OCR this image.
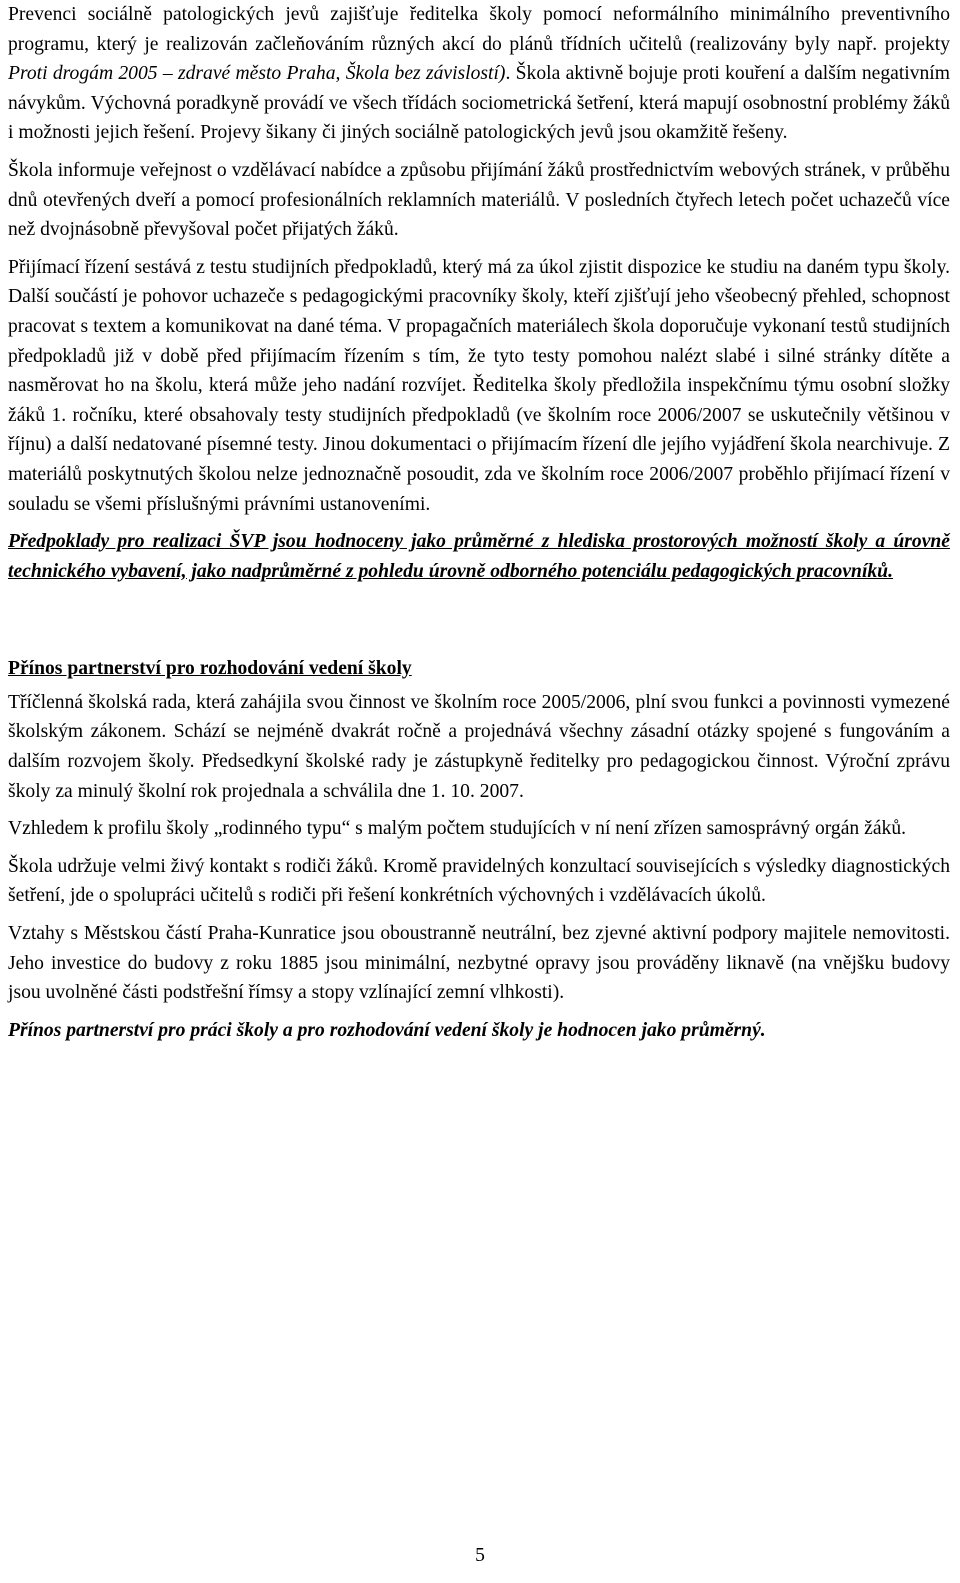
Prevenci sociálně patologických jevů zajišťuje ředitelka školy pomocí neformálního minimálního preventivního programu, který je realizován začleňováním různých akcí do plánů třídních učitelů (realizovány byly např. projekty Proti drogám 2005 – zdravé město Praha, Škola bez závislostí). Škola aktivně bojuje proti kouření a dalším negativním návykům. Výchovná poradkyně provádí ve všech třídách sociometrická šetření, která mapují osobnostní problémy žáků i možnosti jejich řešení. Projevy šikany či jiných sociálně patologických jevů jsou okamžitě řešeny.

Škola informuje veřejnost o vzdělávací nabídce a způsobu přijímání žáků prostřednictvím webových stránek, v průběhu dnů otevřených dveří a pomocí profesionálních reklamních materiálů. V posledních čtyřech letech počet uchazečů více než dvojnásobně převyšoval počet přijatých žáků.

Přijímací řízení sestává z testu studijních předpokladů, který má za úkol zjistit dispozice ke studiu na daném typu školy. Další součástí je pohovor uchazeče s pedagogickými pracovníky školy, kteří zjišťují jeho všeobecný přehled, schopnost pracovat s textem a komunikovat na dané téma. V propagačních materiálech škola doporučuje vykonaní testů studijních předpokladů již v době před přijímacím řízením s tím, že tyto testy pomohou nalézt slabé i silné stránky dítěte a nasměrovat ho na školu, která může jeho nadání rozvíjet. Ředitelka školy předložila inspekčnímu týmu osobní složky žáků 1. ročníku, které obsahovaly testy studijních předpokladů (ve školním roce 2006/2007 se uskutečnily většinou v říjnu) a další nedatované písemné testy. Jinou dokumentaci o přijímacím řízení dle jejího vyjádření škola nearchivuje. Z materiálů poskytnutých školou nelze jednoznačně posoudit, zda ve školním roce 2006/2007 proběhlo přijímací řízení v souladu se všemi příslušnými právními ustanoveními.

Předpoklady pro realizaci ŠVP jsou hodnoceny jako průměrné z hlediska prostorových možností školy a úrovně technického vybavení, jako nadprůměrné z pohledu úrovně odborného potenciálu pedagogických pracovníků.

Přínos partnerství pro rozhodování vedení školy

Tříčlenná školská rada, která zahájila svou činnost ve školním roce 2005/2006, plní svou funkci a povinnosti vymezené školským zákonem. Schází se nejméně dvakrát ročně a projednává všechny zásadní otázky spojené s fungováním a dalším rozvojem školy. Předsedkyní školské rady je zástupkyně ředitelky pro pedagogickou činnost. Výroční zprávu školy za minulý školní rok projednala a schválila dne 1. 10. 2007.

Vzhledem k profilu školy „rodinného typu“ s malým počtem studujících v ní není zřízen samosprávný orgán žáků.

Škola udržuje velmi živý kontakt s rodiči žáků. Kromě pravidelných konzultací souvisejících s výsledky diagnostických šetření, jde o spolupráci učitelů s rodiči při řešení konkrétních výchovných i vzdělávacích úkolů.

Vztahy s Městskou částí Praha-Kunratice jsou oboustranně neutrální, bez zjevné aktivní podpory majitele nemovitosti. Jeho investice do budovy z roku 1885 jsou minimální, nezbytné opravy jsou prováděny liknavě (na vnějšku budovy jsou uvolněné části podstřešní římsy a stopy vzlínající zemní vlhkosti).

Přínos partnerství pro práci školy a pro rozhodování vedení školy je hodnocen jako průměrný.

5
